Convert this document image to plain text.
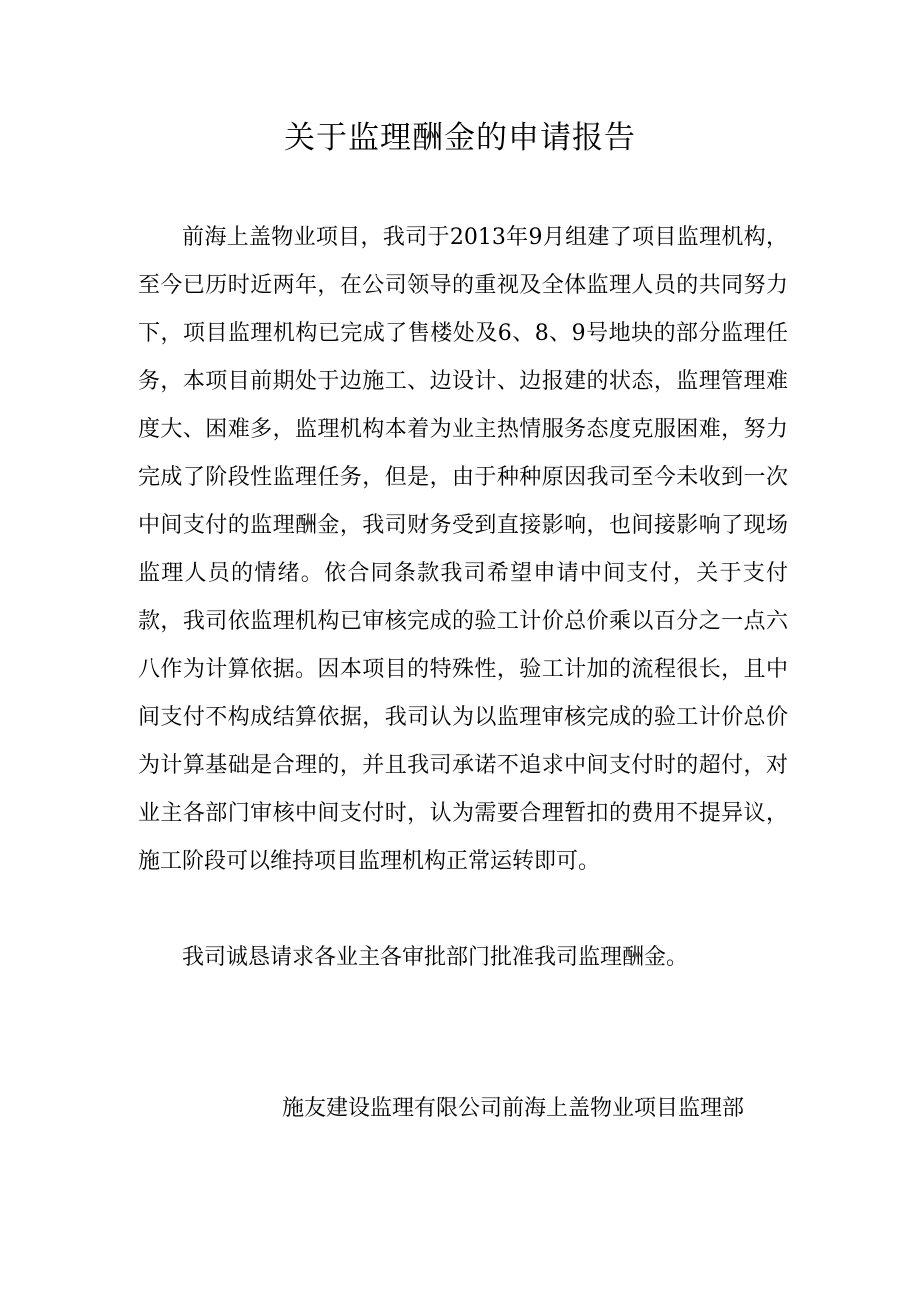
关于监理酬金的申请报告

前海上盖物业项目，我司于2013年9月组建了项目监理机构，至今已历时近两年，在公司领导的重视及全体监理人员的共同努力下，项目监理机构已完成了售楼处及6、8、9号地块的部分监理任务，本项目前期处于边施工、边设计、边报建的状态，监理管理难度大、困难多，监理机构本着为业主热情服务态度克服困难，努力完成了阶段性监理任务，但是，由于种种原因我司至今未收到一次中间支付的监理酬金，我司财务受到直接影响，也间接影响了现场监理人员的情绪。依合同条款我司希望申请中间支付，关于支付款，我司依监理机构已审核完成的验工计价总价乘以百分之一点六八作为计算依据。因本项目的特殊性，验工计加的流程很长，且中间支付不构成结算依据，我司认为以监理审核完成的验工计价总价为计算基础是合理的，并且我司承诺不追求中间支付时的超付，对业主各部门审核中间支付时，认为需要合理暂扣的费用不提异议，施工阶段可以维持项目监理机构正常运转即可。

我司诚恳请求各业主各审批部门批准我司监理酬金。

施友建设监理有限公司前海上盖物业项目监理部
